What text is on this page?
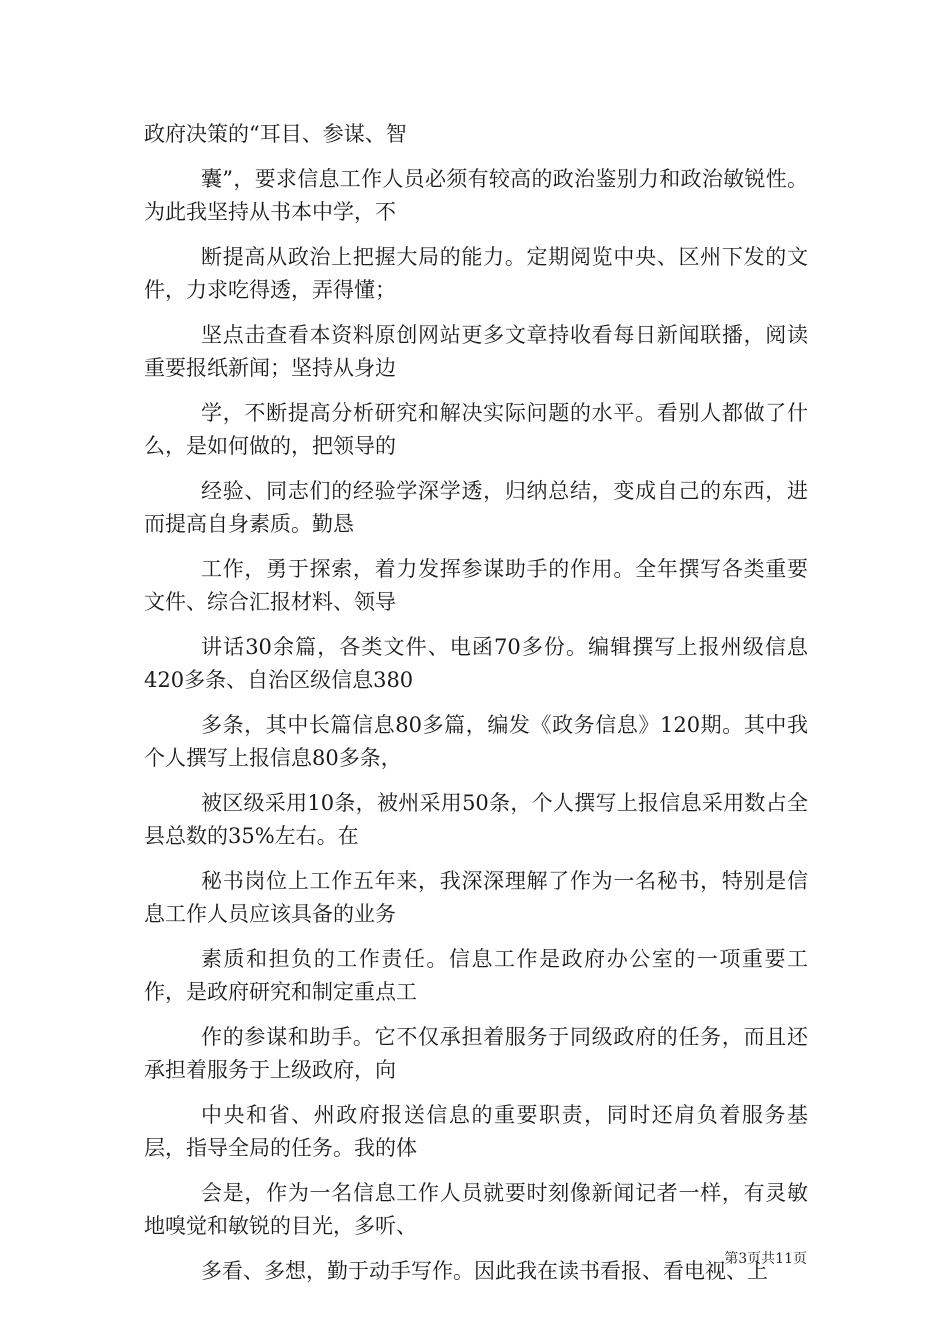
政府决策的“耳目、参谋、智

囊”，要求信息工作人员必须有较高的政治鉴别力和政治敏锐性。为此我坚持从书本中学，不

断提高从政治上把握大局的能力。定期阅览中央、区州下发的文件，力求吃得透，弄得懂；

坚点击查看本资料原创网站更多文章持收看每日新闻联播，阅读重要报纸新闻；坚持从身边

学，不断提高分析研究和解决实际问题的水平。看别人都做了什么，是如何做的，把领导的

经验、同志们的经验学深学透，归纳总结，变成自己的东西，进而提高自身素质。勤恳

工作，勇于探索，着力发挥参谋助手的作用。全年撰写各类重要文件、综合汇报材料、领导

讲话30余篇，各类文件、电函70多份。编辑撰写上报州级信息420多条、自治区级信息380

多条，其中长篇信息80多篇，编发《政务信息》120期。其中我个人撰写上报信息80多条，

被区级采用10条，被州采用50条，个人撰写上报信息采用数占全县总数的35%左右。在

秘书岗位上工作五年来，我深深理解了作为一名秘书，特别是信息工作人员应该具备的业务

素质和担负的工作责任。信息工作是政府办公室的一项重要工作，是政府研究和制定重点工

作的参谋和助手。它不仅承担着服务于同级政府的任务，而且还承担着服务于上级政府，向

中央和省、州政府报送信息的重要职责，同时还肩负着服务基层，指导全局的任务。我的体

会是，作为一名信息工作人员就要时刻像新闻记者一样，有灵敏地嗅觉和敏锐的目光，多听、

多看、多想，勤于动手写作。因此我在读书看报、看电视、上

第3页共11页
